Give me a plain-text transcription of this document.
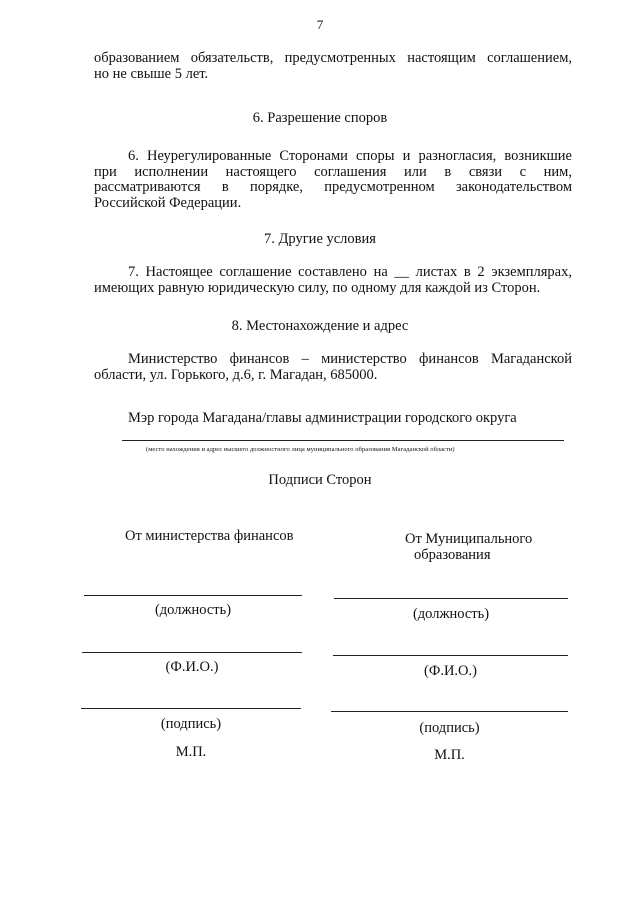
7
образованием обязательств, предусмотренных настоящим соглашением,
но не свыше 5 лет.
6. Разрешение споров
6. Неурегулированные Сторонами споры и разногласия, возникшие
при исполнении настоящего соглашения или в связи с ним,
рассматриваются в порядке, предусмотренном законодательством
Российской Федерации.
7. Другие условия
7. Настоящее соглашение составлено на __ листах в 2 экземплярах,
имеющих равную юридическую силу, по одному для каждой из Сторон.
8. Местонахождение и адрес
Министерство финансов – министерство финансов Магаданской
области, ул. Горького, д.6, г. Магадан, 685000.
Мэр города Магадана/главы администрации городского округа
(место нахождения и адрес высшего должностного лица муниципального образования Магаданской области)
Подписи Сторон
От министерства финансов
(должность)
(Ф.И.О.)
(подпись)
М.П.
От Муниципального
образования
(должность)
(Ф.И.О.)
(подпись)
М.П.
